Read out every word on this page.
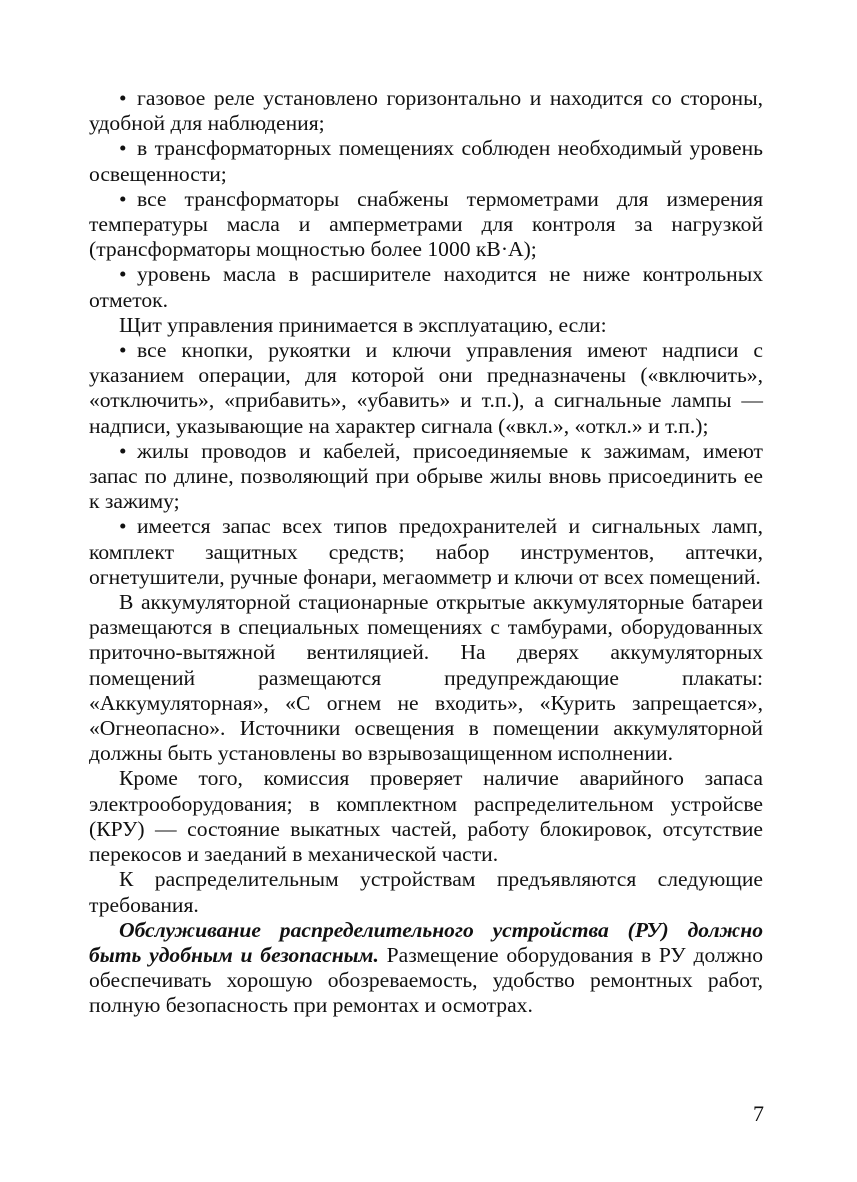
• газовое реле установлено горизонтально и находится со стороны, удобной для наблюдения;

• в трансформаторных помещениях соблюден необходимый уровень освещенности;

• все трансформаторы снабжены термометрами для измерения температуры масла и амперметрами для контроля за нагрузкой (трансформаторы мощностью более 1000 кВ·А);

• уровень масла в расширителе находится не ниже контрольных отметок.

Щит управления принимается в эксплуатацию, если:

• все кнопки, рукоятки и ключи управления имеют надписи с указанием операции, для которой они предназначены («включить», «отключить», «прибавить», «убавить» и т.п.), а сигнальные лампы — надписи, указывающие на характер сигнала («вкл.», «откл.» и т.п.);

• жилы проводов и кабелей, присоединяемые к зажимам, имеют запас по длине, позволяющий при обрыве жилы вновь присоединить ее к зажиму;

• имеется запас всех типов предохранителей и сигнальных ламп, комплект защитных средств; набор инструментов, аптечки, огнетушители, ручные фонари, мегаомметр и ключи от всех помещений.

В аккумуляторной стационарные открытые аккумуляторные батареи размещаются в специальных помещениях с тамбурами, оборудованных приточно-вытяжной вентиляцией. На дверях аккумуляторных помещений размещаются предупреждающие плакаты: «Аккумуляторная», «С огнем не входить», «Курить запрещается», «Огнеопасно». Источники освещения в помещении аккумуляторной должны быть установлены во взрывозащищенном исполнении.

Кроме того, комиссия проверяет наличие аварийного запаса электрооборудования; в комплектном распределительном устройсве (КРУ) — состояние выкатных частей, работу блокировок, отсутствие перекосов и заеданий в механической части.

К распределительным устройствам предъявляются следующие требования.

Обслуживание распределительного устройства (РУ) должно быть удобным и безопасным. Размещение оборудования в РУ должно обеспечивать хорошую обозреваемость, удобство ремонтных работ, полную безопасность при ремонтах и осмотрах.

7
